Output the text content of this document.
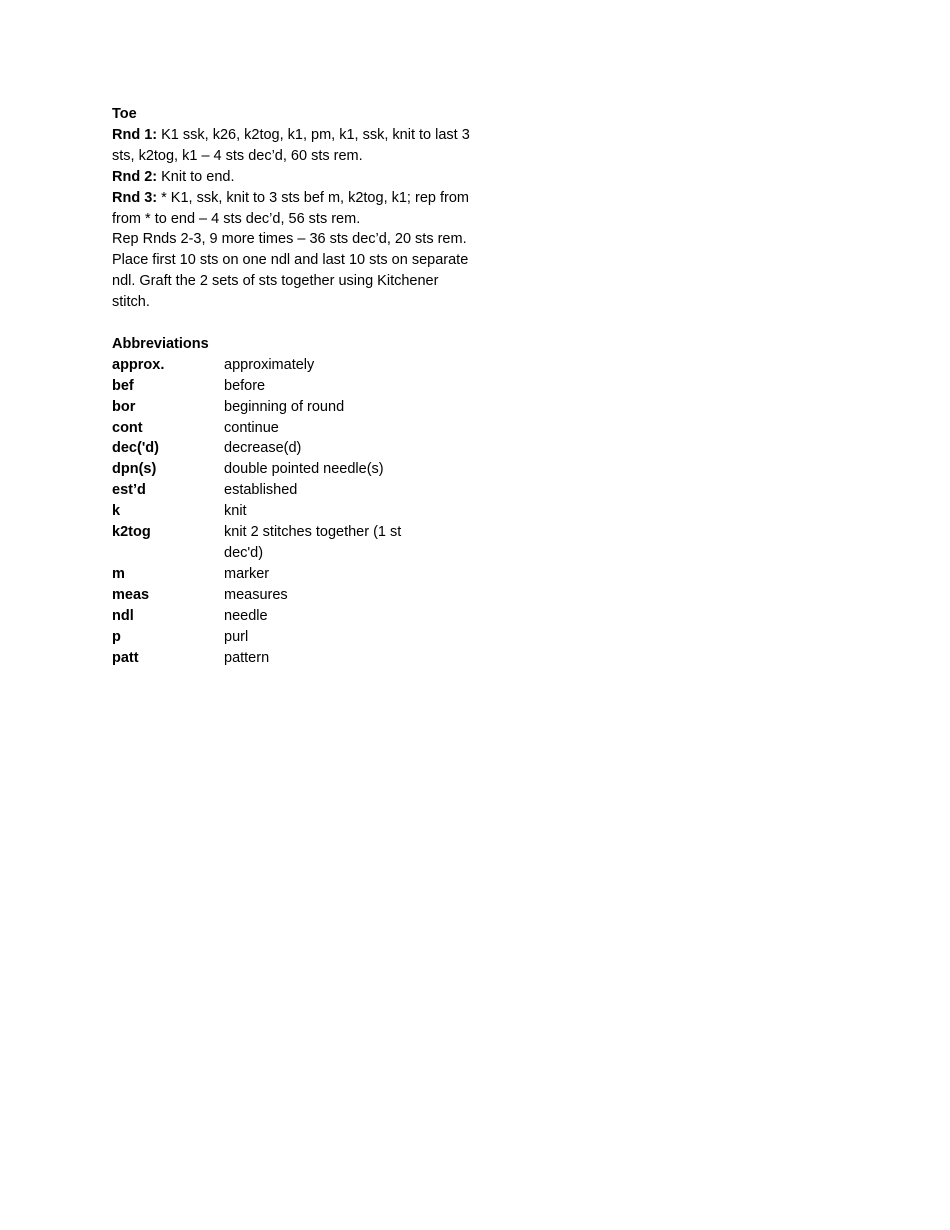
Toe
Rnd 1: K1 ssk, k26, k2tog, k1, pm, k1, ssk, knit to last 3 sts, k2tog, k1 – 4 sts dec’d, 60 sts rem.
Rnd 2: Knit to end.
Rnd 3: * K1, ssk, knit to 3 sts bef m, k2tog, k1; rep from from * to end – 4 sts dec’d, 56 sts rem.
Rep Rnds 2-3, 9 more times – 36 sts dec’d, 20 sts rem.
Place first 10 sts on one ndl and last 10 sts on separate ndl. Graft the 2 sets of sts together using Kitchener stitch.
Abbreviations
approx.	approximately
bef	before
bor	beginning of round
cont	continue
dec('d)	decrease(d)
dpn(s)	double pointed needle(s)
est’d	established
k	knit
k2tog	knit 2 stitches together (1 st dec'd)
m	marker
meas	measures
ndl	needle
p	purl
patt	pattern
